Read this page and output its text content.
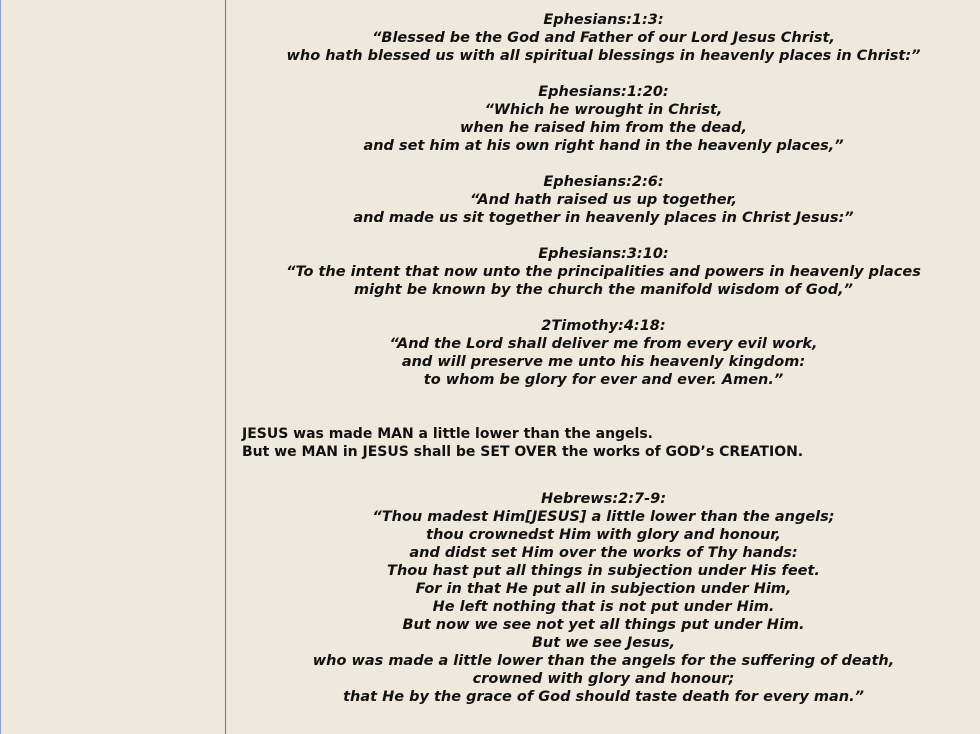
Ephesians:1:3:
“Blessed be the God and Father of our Lord Jesus Christ,
who hath blessed us with all spiritual blessings in heavenly places in Christ:”
Ephesians:1:20:
“Which he wrought in Christ,
when he raised him from the dead,
and set him at his own right hand in the heavenly places,”
Ephesians:2:6:
“And hath raised us up together,
and made us sit together in heavenly places in Christ Jesus:”
Ephesians:3:10:
“To the intent that now unto the principalities and powers in heavenly places
might be known by the church the manifold wisdom of God,”
2Timothy:4:18:
“And the Lord shall deliver me from every evil work,
and will preserve me unto his heavenly kingdom:
to whom be glory for ever and ever. Amen.”
JESUS was made MAN a little lower than the angels.
But we MAN in JESUS shall be SET OVER the works of GOD’s CREATION.
Hebrews:2:7-9:
“Thou madest Him[JESUS] a little lower than the angels;
thou crownedst Him with glory and honour,
and didst set Him over the works of Thy hands:
Thou hast put all things in subjection under His feet.
For in that He put all in subjection under Him,
He left nothing that is not put under Him.
But now we see not yet all things put under Him.
But we see Jesus,
who was made a little lower than the angels for the suffering of death,
crowned with glory and honour;
that He by the grace of God should taste death for every man.”
